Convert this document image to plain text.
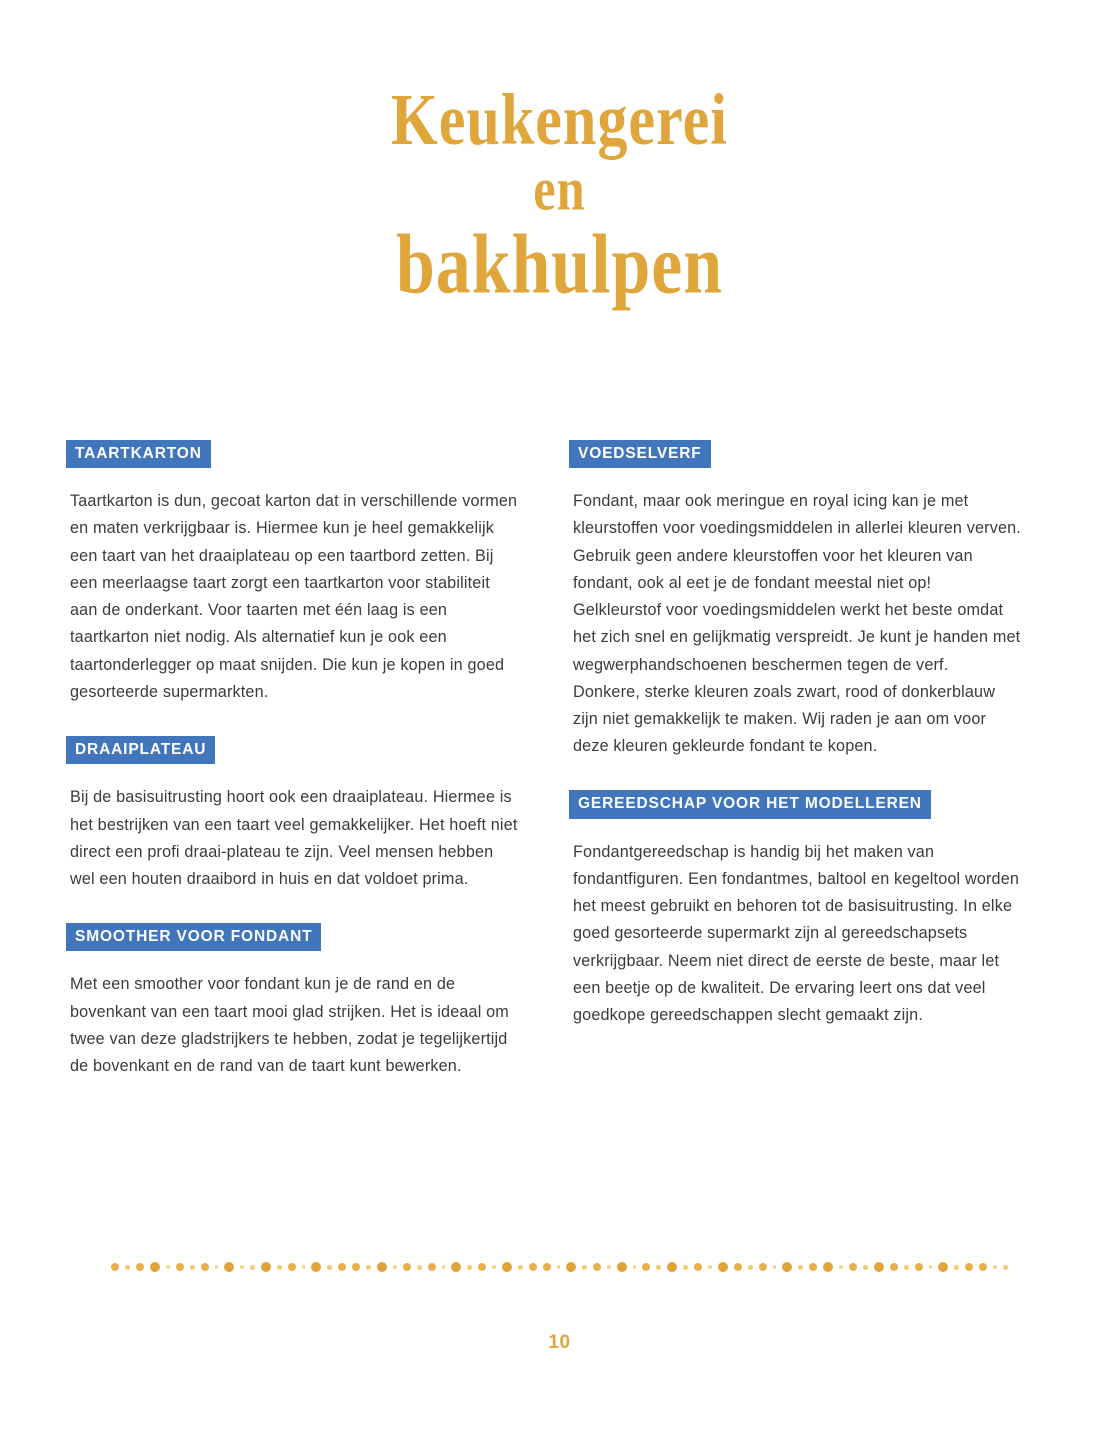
Keukengerei
en
bakhulpen
TAARTKARTON

Taartkarton is dun, gecoat karton dat in verschillende vormen en maten verkrijgbaar is. Hiermee kun je heel gemakkelijk een taart van het draaiplateau op een taartbord zetten. Bij een meerlaagse taart zorgt een taartkarton voor stabiliteit aan de onderkant. Voor taarten met één laag is een taartkarton niet nodig. Als alternatief kun je ook een taartonderlegger op maat snijden. Die kun je kopen in goed gesorteerde supermarkten.

DRAAIPLATEAU

Bij de basisuitrusting hoort ook een draaiplateau. Hiermee is het bestrijken van een taart veel gemakkelijker. Het hoeft niet direct een profi draai-plateau te zijn. Veel mensen hebben wel een houten draaibord in huis en dat voldoet prima.

SMOOTHER VOOR FONDANT

Met een smoother voor fondant kun je de rand en de bovenkant van een taart mooi glad strijken. Het is ideaal om twee van deze gladstrijkers te hebben, zodat je tegelijkertijd de bovenkant en de rand van de taart kunt bewerken.

VOEDSELVERF

Fondant, maar ook meringue en royal icing kan je met kleurstoffen voor voedingsmiddelen in allerlei kleuren verven. Gebruik geen andere kleurstoffen voor het kleuren van fondant, ook al eet je de fondant meestal niet op!

Gelkleurstof voor voedingsmiddelen werkt het beste omdat het zich snel en gelijkmatig verspreidt. Je kunt je handen met wegwerphandschoenen beschermen tegen de verf.

Donkere, sterke kleuren zoals zwart, rood of donkerblauw zijn niet gemakkelijk te maken. Wij raden je aan om voor deze kleuren gekleurde fondant te kopen.

GEREEDSCHAP VOOR HET MODELLEREN

Fondantgereedschap is handig bij het maken van fondantfiguren. Een fondantmes, baltool en kegeltool worden het meest gebruikt en behoren tot de basisuitrusting. In elke goed gesorteerde supermarkt zijn al gereedschapsets verkrijgbaar. Neem niet direct de eerste de beste, maar let een beetje op de kwaliteit. De ervaring leert ons dat veel goedkope gereedschappen slecht gemaakt zijn.

10
